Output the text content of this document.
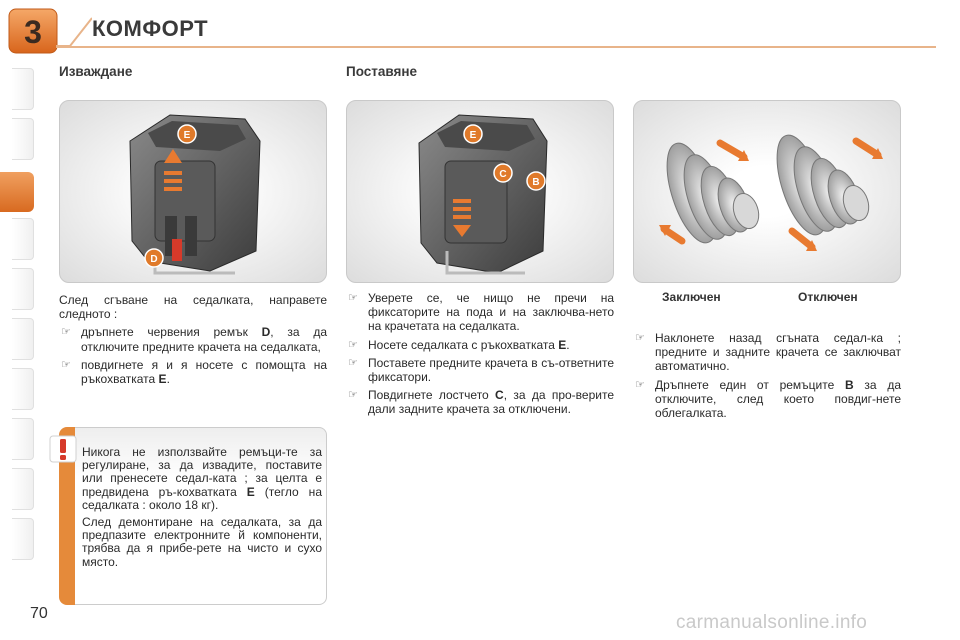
3 КОМФОРТ
Изваждане	Поставяне
E
D
E
C
B
Заключен	Отключен

След сгъване на седалката, направете следното :

☞ дръпнете червения ремък D, за да отключите предните крачета на седалката,
☞ повдигнете я и я носете с помощта на ръкохватката E.
☞ Уверете се, че нищо не пречи на фиксаторите на пода и на заключва-нето на крачетата на седалката.
☞ Носете седалката с ръкохватката E.
☞ Поставете предните крачета в съ-ответните фиксатори.
☞ Повдигнете лостчето C, за да про-верите дали задните крачета за отключени.
☞ Наклонете назад сгъната седал-ка ; предните и задните крачета се заключват автоматично.
☞ Дръпнете един от ремъците B за да отключите, след което повдиг-нете облегалката.

Никога не използвайте ремъци-те за регулиране, за да извадите, поставите или пренесете седал-ката ; за целта е предвидена ръ-кохватката E (тегло на седалката : около 18 кг).

След демонтиране на седалката, за да предпазите електронните й компоненти, трябва да я прибе-рете на чисто и сухо място.

70	carmanualsonline.info
